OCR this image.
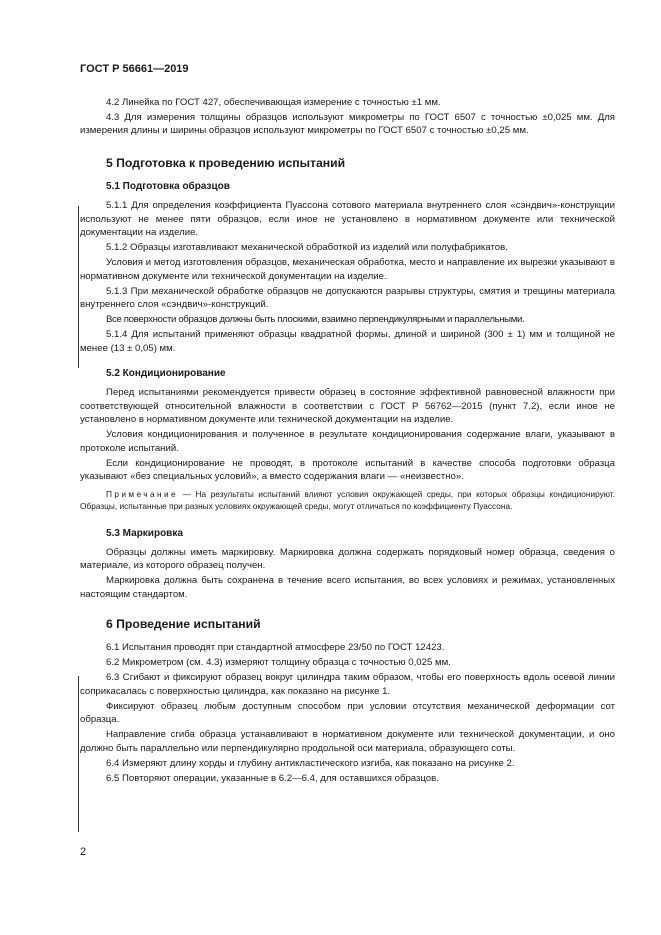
ГОСТ Р 56661—2019

4.2 Линейка по ГОСТ 427, обеспечивающая измерение с точностью ±1 мм.

4.3 Для измерения толщины образцов используют микрометры по ГОСТ 6507 с точностью ±0,025 мм. Для измерения длины и ширины образцов используют микрометры по ГОСТ 6507 с точностью ±0,25 мм.

5 Подготовка к проведению испытаний
5.1 Подготовка образцов

5.1.1 Для определения коэффициента Пуассона сотового материала внутреннего слоя «сэндвич»-конструкции используют не менее пяти образцов, если иное не установлено в нормативном документе или технической документации на изделие.

5.1.2 Образцы изготавливают механической обработкой из изделий или полуфабрикатов.

Условия и метод изготовления образцов, механическая обработка, место и направление их вырезки указывают в нормативном документе или технической документации на изделие.

5.1.3 При механической обработке образцов не допускаются разрывы структуры, смятия и трещины материала внутреннего слоя «сэндвич»-конструкций.

Все поверхности образцов должны быть плоскими, взаимно перпендикулярными и параллельными.

5.1.4 Для испытаний применяют образцы квадратной формы, длиной и шириной (300 ± 1) мм и толщиной не менее (13 ± 0,05) мм.

5.2 Кондиционирование

Перед испытаниями рекомендуется привести образец в состояние эффективной равновесной влажности при соответствующей относительной влажности в соответствии с ГОСТ Р 56762—2015 (пункт 7.2), если иное не установлено в нормативном документе или технической документации на изделие.

Условия кондиционирования и полученное в результате кондиционирования содержание влаги, указывают в протоколе испытаний.

Если кондиционирование не проводят, в протоколе испытаний в качестве способа подготовки образца указывают «без специальных условий», а вместо содержания влаги — «неизвестно».

Примечание — На результаты испытаний влияют условия окружающей среды, при которых образцы кондиционируют. Образцы, испытанные при разных условиях окружающей среды, могут отличаться по коэффициенту Пуассона.

5.3 Маркировка

Образцы должны иметь маркировку. Маркировка должна содержать порядковый номер образца, сведения о материале, из которого образец получен.

Маркировка должна быть сохранена в течение всего испытания, во всех условиях и режимах, установленных настоящим стандартом.

6 Проведение испытаний

6.1 Испытания проводят при стандартной атмосфере 23/50 по ГОСТ 12423.

6.2 Микрометром (см. 4.3) измеряют толщину образца с точностью 0,025 мм.

6.3 Сгибают и фиксируют образец вокруг цилиндра таким образом, чтобы его поверхность вдоль осевой линии соприкасалась с поверхностью цилиндра, как показано на рисунке 1.

Фиксируют образец любым доступным способом при условии отсутствия механической деформации сот образца.

Направление сгиба образца устанавливают в нормативном документе или технической документации, и оно должно быть параллельно или перпендикулярно продольной оси материала, образующего соты.

6.4 Измеряют длину хорды и глубину антикластического изгиба, как показано на рисунке 2.

6.5 Повторяют операции, указанные в 6.2—6.4, для оставшихся образцов.

2
